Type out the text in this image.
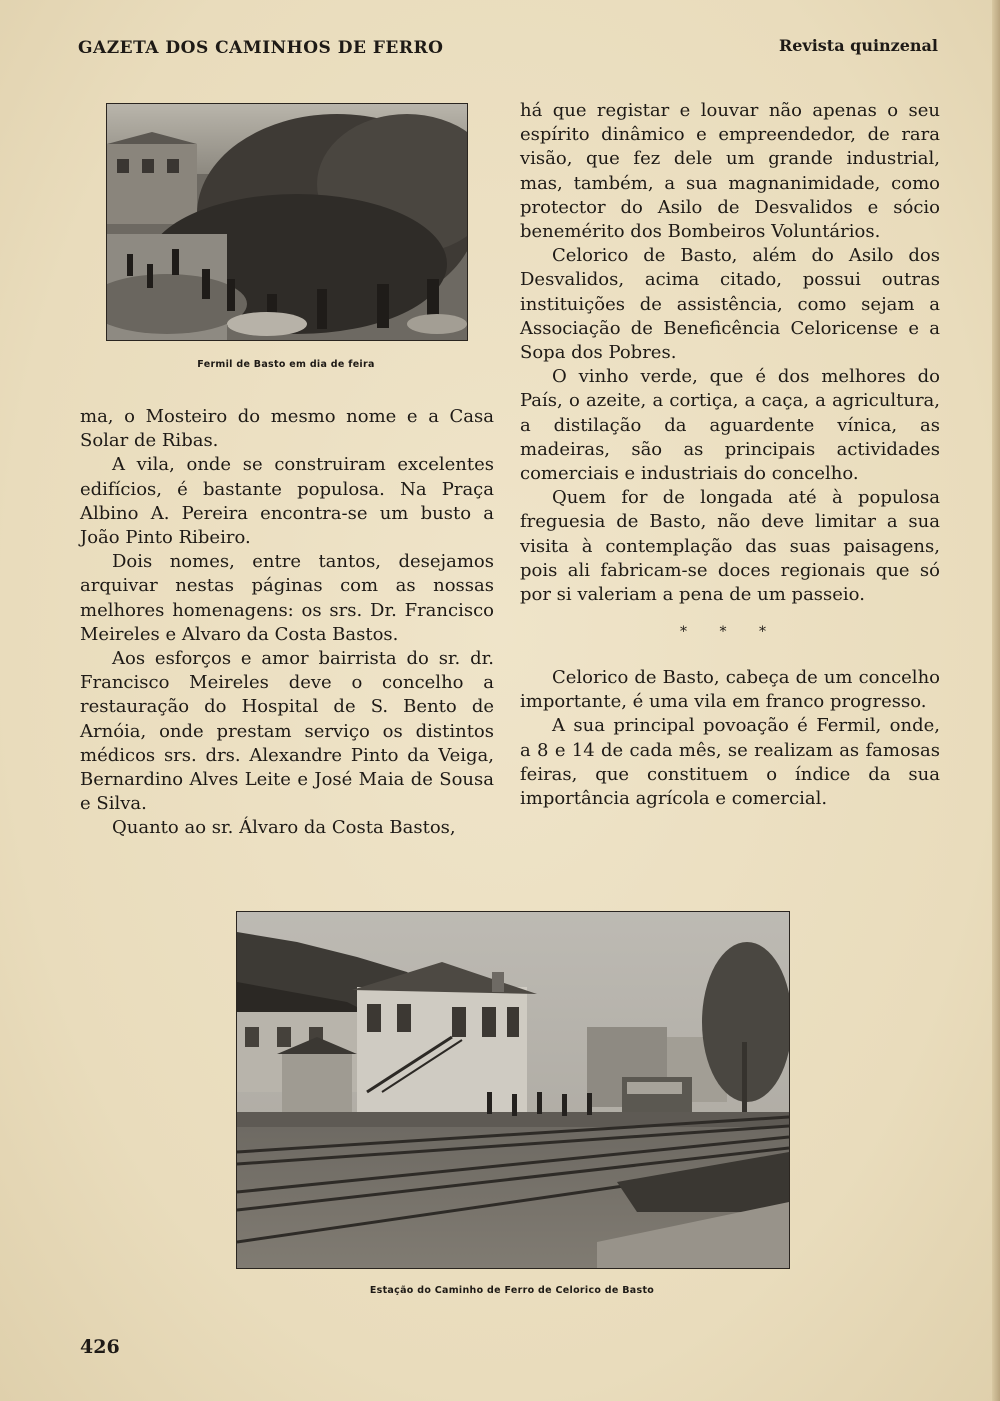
GAZETA DOS CAMINHOS DE FERRO	Revista quinzenal
Fermil de Basto em dia de feira

ma, o Mosteiro do mesmo nome e a Casa Solar de Ribas.

A vila, onde se construiram excelentes edifícios, é bastante populosa. Na Praça Albino A. Pereira encontra-se um busto a João Pinto Ribeiro.

Dois nomes, entre tantos, desejamos arquivar nestas páginas com as nossas melhores homenagens: os srs. Dr. Francisco Meireles e Alvaro da Costa Bastos.

Aos esforços e amor bairrista do sr. dr. Francisco Meireles deve o concelho a restauração do Hospital de S. Bento de Arnóia, onde prestam serviço os distintos médicos srs. drs. Alexandre Pinto da Veiga, Bernardino Alves Leite e José Maia de Sousa e Silva.

Quanto ao sr. Álvaro da Costa Bastos,

há que registar e louvar não apenas o seu espírito dinâmico e empreendedor, de rara visão, que fez dele um grande industrial, mas, também, a sua magnanimidade, como protector do Asilo de Desvalidos e sócio benemérito dos Bombeiros Voluntários.

Celorico de Basto, além do Asilo dos Desvalidos, acima citado, possui outras instituições de assistência, como sejam a Associação de Beneficência Celoricense e a Sopa dos Pobres.

O vinho verde, que é dos melhores do País, o azeite, a cortiça, a caça, a agricultura, a distilação da aguardente vínica, as madeiras, são as principais actividades comerciais e industriais do concelho.

Quem for de longada até à populosa freguesia de Basto, não deve limitar a sua visita à contemplação das suas paisagens, pois ali fabricam-se doces regionais que só por si valeriam a pena de um passeio.

* * *

Celorico de Basto, cabeça de um concelho importante, é uma vila em franco progresso.

A sua principal povoação é Fermil, onde, a 8 e 14 de cada mês, se realizam as famosas feiras, que constituem o índice da sua importância agrícola e comercial.

Estação do Caminho de Ferro de Celorico de Basto
426
